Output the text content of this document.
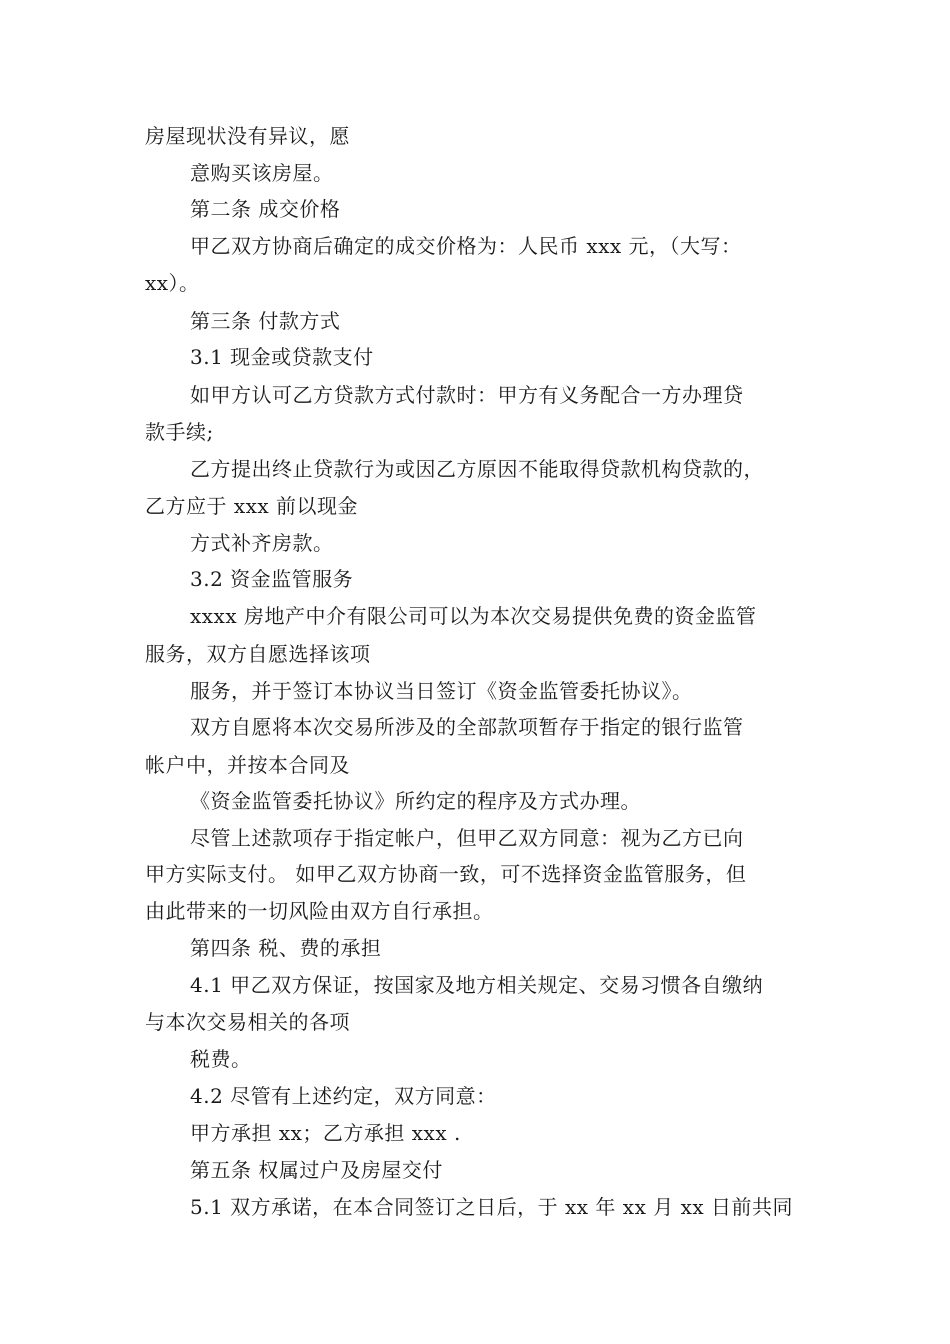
房屋现状没有异议，愿
意购买该房屋。
第二条 成交价格
甲乙双方协商后确定的成交价格为：人民币 xxx 元，（大写：
xx）。
第三条 付款方式
3.1 现金或贷款支付
如甲方认可乙方贷款方式付款时：甲方有义务配合一方办理贷
款手续;
乙方提出终止贷款行为或因乙方原因不能取得贷款机构贷款的，
乙方应于 xxx 前以现金
方式补齐房款。
3.2 资金监管服务
xxxx 房地产中介有限公司可以为本次交易提供免费的资金监管
服务，双方自愿选择该项
服务，并于签订本协议当日签订《资金监管委托协议》。
双方自愿将本次交易所涉及的全部款项暂存于指定的银行监管
帐户中，并按本合同及
《资金监管委托协议》所约定的程序及方式办理。
尽管上述款项存于指定帐户，但甲乙双方同意：视为乙方已向
甲方实际支付。 如甲乙双方协商一致，可不选择资金监管服务，但
由此带来的一切风险由双方自行承担。
第四条 税、费的承担
4.1 甲乙双方保证，按国家及地方相关规定、交易习惯各自缴纳
与本次交易相关的各项
税费。
4.2 尽管有上述约定，双方同意：
甲方承担 xx；乙方承担 xxx .
第五条 权属过户及房屋交付
5.1 双方承诺，在本合同签订之日后，于 xx 年 xx 月 xx 日前共同
